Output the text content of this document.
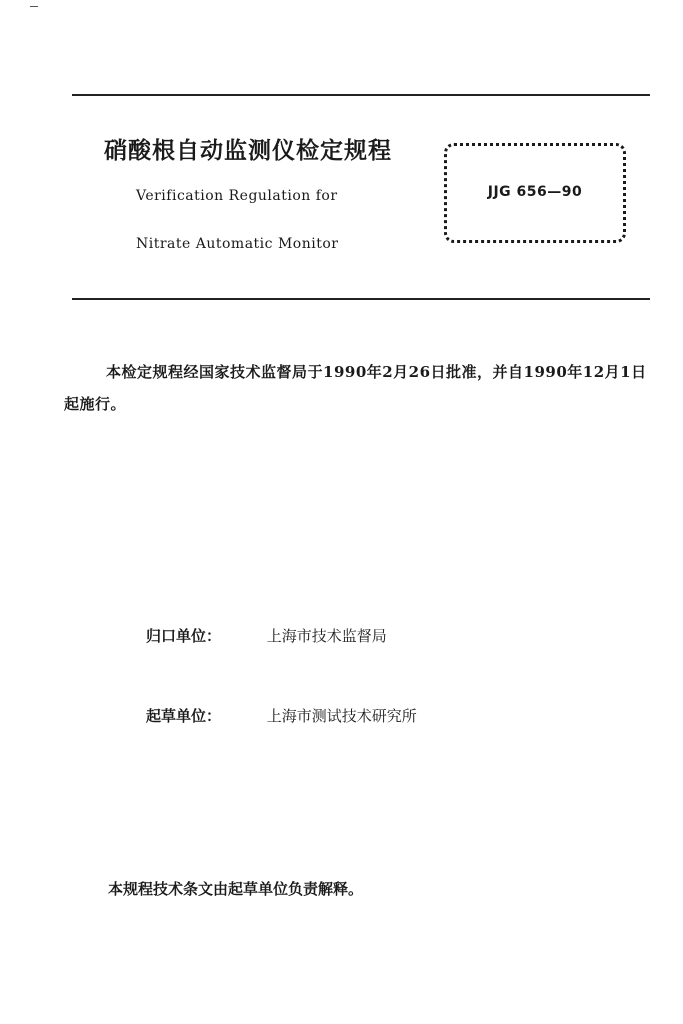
硝酸根自动监测仪检定规程
Verification Regulation for
Nitrate Automatic Monitor
JJG 656—90
本检定规程经国家技术监督局于1990年2月26日批准，并自1990年12月1日起施行。
归口单位：	上海市技术监督局
起草单位：	上海市测试技术研究所
本规程技术条文由起草单位负责解释。
